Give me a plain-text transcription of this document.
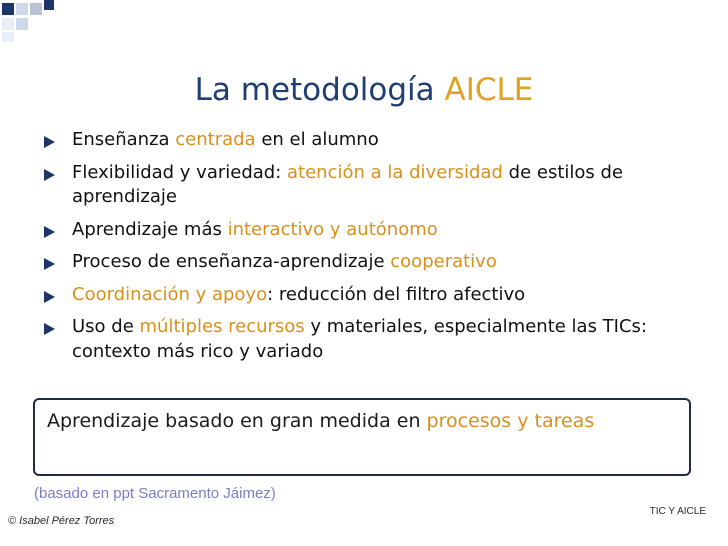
La metodología AICLE
Enseñanza centrada en el alumno
Flexibilidad y variedad: atención a la diversidad de estilos de aprendizaje
Aprendizaje más interactivo y autónomo
Proceso de enseñanza-aprendizaje cooperativo
Coordinación y apoyo: reducción del filtro afectivo
Uso de múltiples recursos y materiales, especialmente las TICs: contexto más rico y variado
Aprendizaje basado en gran medida en procesos y tareas
(basado en ppt Sacramento Jáimez)
© Isabel Pérez Torres
TIC Y AICLE
